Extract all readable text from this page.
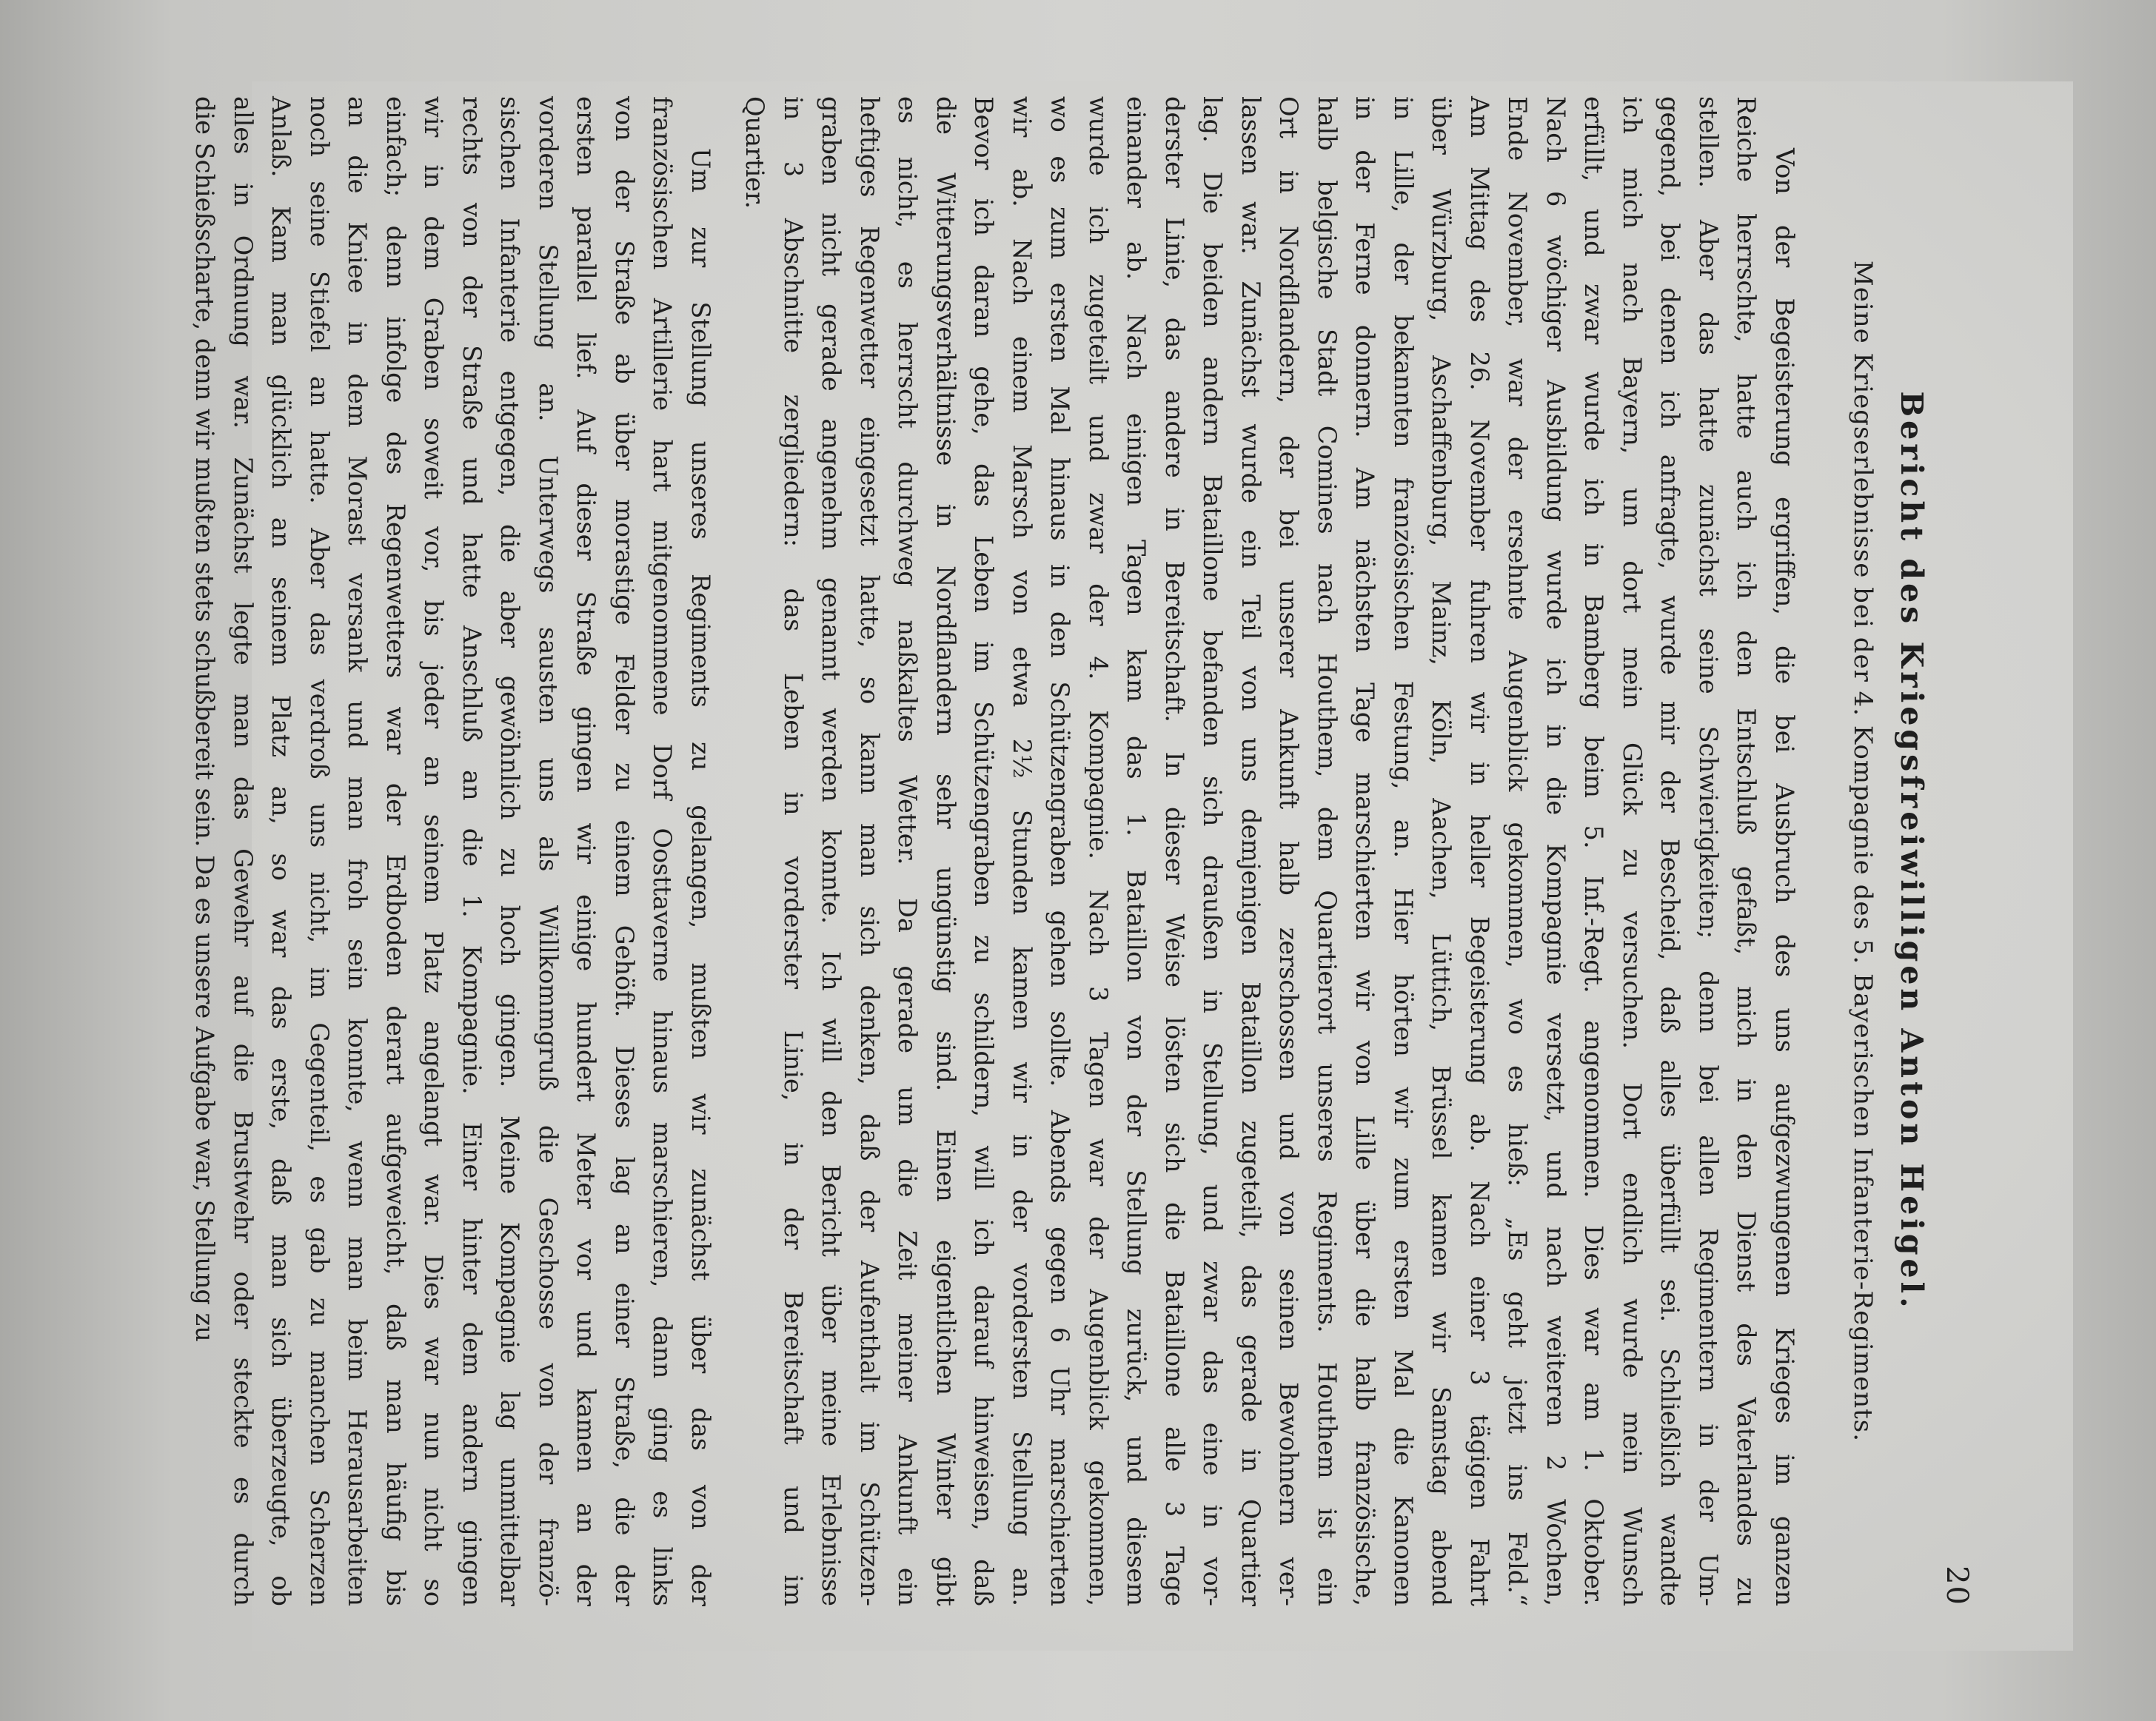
20
Bericht des Kriegsfreiwilligen Anton Heigel.
Meine Kriegserlebnisse bei der 4. Kompagnie des 5. Bayerischen Infanterie-Regiments.
Von der Begeisterung ergriffen, die bei Ausbruch des uns aufgezwungenen Krieges im ganzen
Reiche herrschte, hatte auch ich den Entschluß gefaßt, mich in den Dienst des Vaterlandes zu
stellen. Aber das hatte zunächst seine Schwierigkeiten; denn bei allen Regimentern in der Um-
gegend, bei denen ich anfragte, wurde mir der Bescheid, daß alles überfüllt sei. Schließlich wandte
ich mich nach Bayern, um dort mein Glück zu versuchen. Dort endlich wurde mein Wunsch
erfüllt, und zwar wurde ich in Bamberg beim 5. Inf.-Regt. angenommen. Dies war am 1. Oktober.
Nach 6 wöchiger Ausbildung wurde ich in die Kompagnie versetzt, und nach weiteren 2 Wochen,
Ende November, war der ersehnte Augenblick gekommen, wo es hieß: „Es geht jetzt ins Feld.“
Am Mittag des 26. November fuhren wir in heller Begeisterung ab. Nach einer 3 tägigen Fahrt
über Würzburg, Aschaffenburg, Mainz, Köln, Aachen, Lüttich, Brüssel kamen wir Samstag abend
in Lille, der bekannten französischen Festung, an. Hier hörten wir zum ersten Mal die Kanonen
in der Ferne donnern. Am nächsten Tage marschierten wir von Lille über die halb französische,
halb belgische Stadt Comines nach Houthem, dem Quartierort unseres Regiments. Houthem ist ein
Ort in Nordflandern, der bei unserer Ankunft halb zerschossen und von seinen Bewohnern ver-
lassen war. Zunächst wurde ein Teil von uns demjenigen Bataillon zugeteilt, das gerade in Quartier
lag. Die beiden andern Bataillone befanden sich draußen in Stellung, und zwar das eine in vor-
derster Linie, das andere in Bereitschaft. In dieser Weise lösten sich die Bataillone alle 3 Tage
einander ab. Nach einigen Tagen kam das 1. Bataillon von der Stellung zurück, und diesem
wurde ich zugeteilt und zwar der 4. Kompagnie. Nach 3 Tagen war der Augenblick gekommen,
wo es zum ersten Mal hinaus in den Schützengraben gehen sollte. Abends gegen 6 Uhr marschierten
wir ab. Nach einem Marsch von etwa 2½ Stunden kamen wir in der vordersten Stellung an.
Bevor ich daran gehe, das Leben im Schützengraben zu schildern, will ich darauf hinweisen, daß
die Witterungsverhältnisse in Nordflandern sehr ungünstig sind. Einen eigentlichen Winter gibt
es nicht, es herrscht durchweg naßkaltes Wetter. Da gerade um die Zeit meiner Ankunft ein
heftiges Regenwetter eingesetzt hatte, so kann man sich denken, daß der Aufenthalt im Schützen-
graben nicht gerade angenehm genannt werden konnte. Ich will den Bericht über meine Erlebnisse
in 3 Abschnitte zergliedern: das Leben in vorderster Linie, in der Bereitschaft und im
Quartier.
Um zur Stellung unseres Regiments zu gelangen, mußten wir zunächst über das von der
französischen Artillerie hart mitgenommene Dorf Oosttaverne hinaus marschieren, dann ging es links
von der Straße ab über morastige Felder zu einem Gehöft. Dieses lag an einer Straße, die der
ersten parallel lief. Auf dieser Straße gingen wir einige hundert Meter vor und kamen an der
vorderen Stellung an. Unterwegs sausten uns als Willkommgruß die Geschosse von der franzö-
sischen Infanterie entgegen, die aber gewöhnlich zu hoch gingen. Meine Kompagnie lag unmittelbar
rechts von der Straße und hatte Anschluß an die 1. Kompagnie. Einer hinter dem andern gingen
wir in dem Graben soweit vor, bis jeder an seinem Platz angelangt war. Dies war nun nicht so
einfach; denn infolge des Regenwetters war der Erdboden derart aufgeweicht, daß man häufig bis
an die Kniee in dem Morast versank und man froh sein konnte, wenn man beim Herausarbeiten
noch seine Stiefel an hatte. Aber das verdroß uns nicht, im Gegenteil, es gab zu manchen Scherzen
Anlaß. Kam man glücklich an seinem Platz an, so war das erste, daß man sich überzeugte, ob
alles in Ordnung war. Zunächst legte man das Gewehr auf die Brustwehr oder steckte es durch
die Schießscharte, denn wir mußten stets schußbereit sein. Da es unsere Aufgabe war, Stellung zu
